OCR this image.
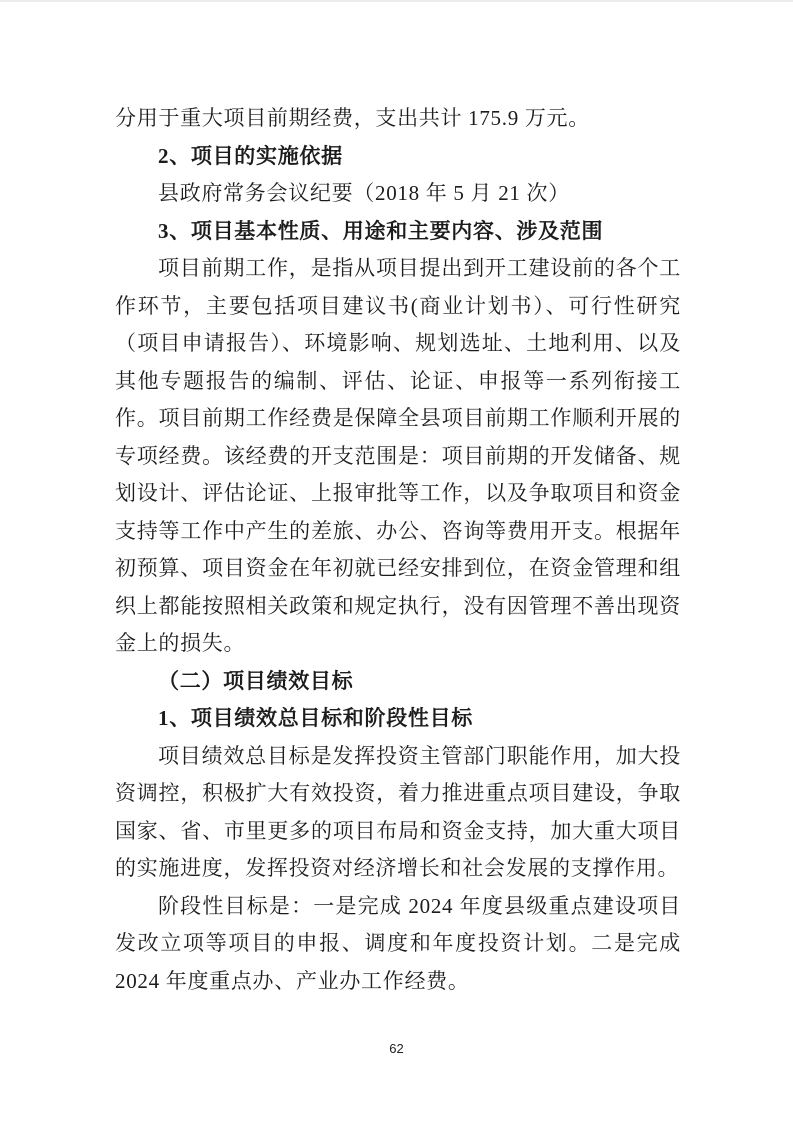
分用于重大项目前期经费，支出共计 175.9 万元。

2、项目的实施依据

县政府常务会议纪要（2018 年 5 月 21 次）

3、项目基本性质、用途和主要内容、涉及范围

项目前期工作，是指从项目提出到开工建设前的各个工作环节，主要包括项目建议书(商业计划书）、可行性研究（项目申请报告）、环境影响、规划选址、土地利用、以及其他专题报告的编制、评估、论证、申报等一系列衔接工作。项目前期工作经费是保障全县项目前期工作顺利开展的专项经费。该经费的开支范围是：项目前期的开发储备、规划设计、评估论证、上报审批等工作，以及争取项目和资金支持等工作中产生的差旅、办公、咨询等费用开支。根据年初预算、项目资金在年初就已经安排到位，在资金管理和组织上都能按照相关政策和规定执行，没有因管理不善出现资金上的损失。

（二）项目绩效目标

1、项目绩效总目标和阶段性目标

项目绩效总目标是发挥投资主管部门职能作用，加大投资调控，积极扩大有效投资，着力推进重点项目建设，争取国家、省、市里更多的项目布局和资金支持，加大重大项目的实施进度，发挥投资对经济增长和社会发展的支撑作用。

阶段性目标是：一是完成 2024 年度县级重点建设项目发改立项等项目的申报、调度和年度投资计划。二是完成 2024 年度重点办、产业办工作经费。

62
